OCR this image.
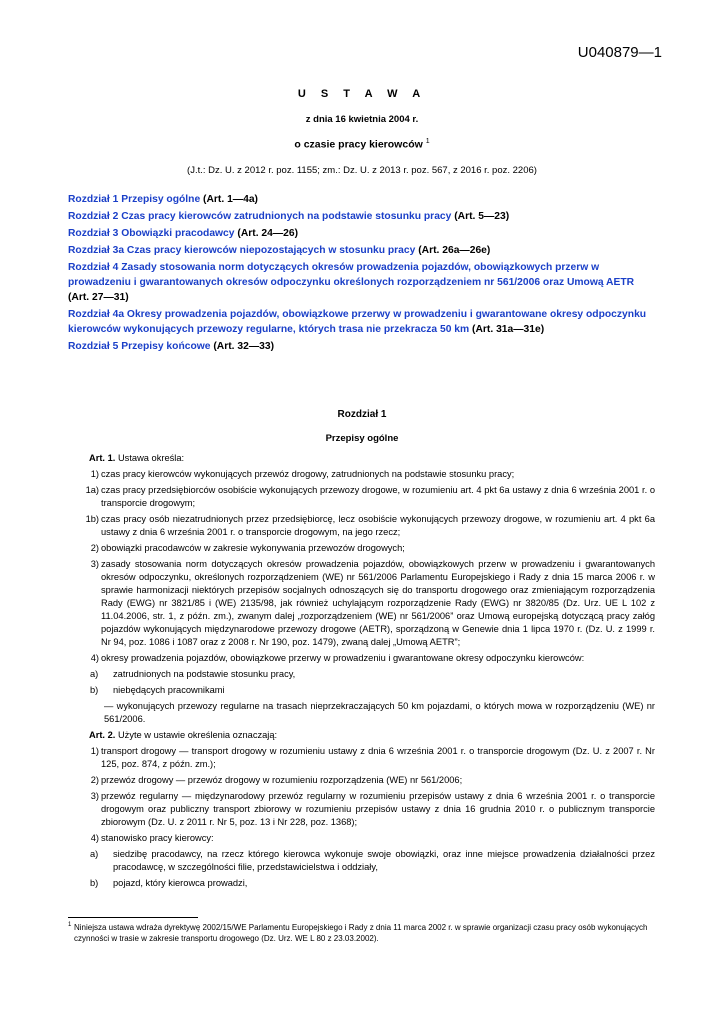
U040879—1
U S T A W A
z dnia 16 kwietnia 2004 r.
o czasie pracy kierowców $^1$
(J.t.: Dz. U. z 2012 r. poz. 1155; zm.: Dz. U. z 2013 r. poz. 567, z 2016 r. poz. 2206)
Rozdział 1 Przepisy ogólne (Art. 1—4a)
Rozdział 2 Czas pracy kierowców zatrudnionych na podstawie stosunku pracy (Art. 5—23)
Rozdział 3 Obowiązki pracodawcy (Art. 24—26)
Rozdział 3a Czas pracy kierowców niepozostających w stosunku pracy (Art. 26a—26e)
Rozdział 4 Zasady stosowania norm dotyczących okresów prowadzenia pojazdów, obowiązkowych przerw w prowadzeniu i gwarantowanych okresów odpoczynku określonych rozporządzeniem nr 561/2006 oraz Umową AETR (Art. 27—31)
Rozdział 4a Okresy prowadzenia pojazdów, obowiązkowe przerwy w prowadzeniu i gwarantowane okresy odpoczynku kierowców wykonujących przewozy regularne, których trasa nie przekracza 50 km (Art. 31a—31e)
Rozdział 5 Przepisy końcowe (Art. 32—33)
Rozdział 1
Przepisy ogólne
Art. 1. Ustawa określa:
1) czas pracy kierowców wykonujących przewóz drogowy, zatrudnionych na podstawie stosunku pracy;
1a) czas pracy przedsiębiorców osobiście wykonujących przewozy drogowe, w rozumieniu art. 4 pkt 6a ustawy z dnia 6 września 2001 r. o transporcie drogowym;
1b) czas pracy osób niezatrudnionych przez przedsiębiorcę, lecz osobiście wykonujących przewozy drogowe, w rozumieniu art. 4 pkt 6a ustawy z dnia 6 września 2001 r. o transporcie drogowym, na jego rzecz;
2) obowiązki pracodawców w zakresie wykonywania przewozów drogowych;
3) zasady stosowania norm dotyczących okresów prowadzenia pojazdów, obowiązkowych przerw w prowadzeniu i gwarantowanych okresów odpoczynku, określonych rozporządzeniem (WE) nr 561/2006 Parlamentu Europejskiego i Rady z dnia 15 marca 2006 r. w sprawie harmonizacji niektórych przepisów socjalnych odnoszących się do transportu drogowego oraz zmieniającym rozporządzenia Rady (EWG) nr 3821/85 i (WE) 2135/98, jak również uchylającym rozporządzenie Rady (EWG) nr 3820/85 (Dz. Urz. UE L 102 z 11.04.2006, str. 1, z późn. zm.), zwanym dalej „rozporządzeniem (WE) nr 561/2006” oraz Umową europejską dotyczącą pracy załóg pojazdów wykonujących międzynarodowe przewozy drogowe (AETR), sporządzoną w Genewie dnia 1 lipca 1970 r. (Dz. U. z 1999 r. Nr 94, poz. 1086 i 1087 oraz z 2008 r. Nr 190, poz. 1479), zwaną dalej „Umową AETR”;
4) okresy prowadzenia pojazdów, obowiązkowe przerwy w prowadzeniu i gwarantowane okresy odpoczynku kierowców:
a) zatrudnionych na podstawie stosunku pracy,
b) niebędących pracownikami
— wykonujących przewozy regularne na trasach nieprzekraczających 50 km pojazdami, o których mowa w rozporządzeniu (WE) nr 561/2006.
Art. 2. Użyte w ustawie określenia oznaczają:
1) transport drogowy — transport drogowy w rozumieniu ustawy z dnia 6 września 2001 r. o transporcie drogowym (Dz. U. z 2007 r. Nr 125, poz. 874, z późn. zm.);
2) przewóz drogowy — przewóz drogowy w rozumieniu rozporządzenia (WE) nr 561/2006;
3) przewóz regularny — międzynarodowy przewóz regularny w rozumieniu przepisów ustawy z dnia 6 września 2001 r. o transporcie drogowym oraz publiczny transport zbiorowy w rozumieniu przepisów ustawy z dnia 16 grudnia 2010 r. o publicznym transporcie zbiorowym (Dz. U. z 2011 r. Nr 5, poz. 13 i Nr 228, poz. 1368);
4) stanowisko pracy kierowcy:
a) siedzibę pracodawcy, na rzecz którego kierowca wykonuje swoje obowiązki, oraz inne miejsce prowadzenia działalności przez pracodawcę, w szczególności filie, przedstawicielstwa i oddziały,
b) pojazd, który kierowca prowadzi,
1 Niniejsza ustawa wdraża dyrektywę 2002/15/WE Parlamentu Europejskiego i Rady z dnia 11 marca 2002 r. w sprawie organizacji czasu pracy osób wykonujących czynności w trasie w zakresie transportu drogowego (Dz. Urz. WE L 80 z 23.03.2002).
